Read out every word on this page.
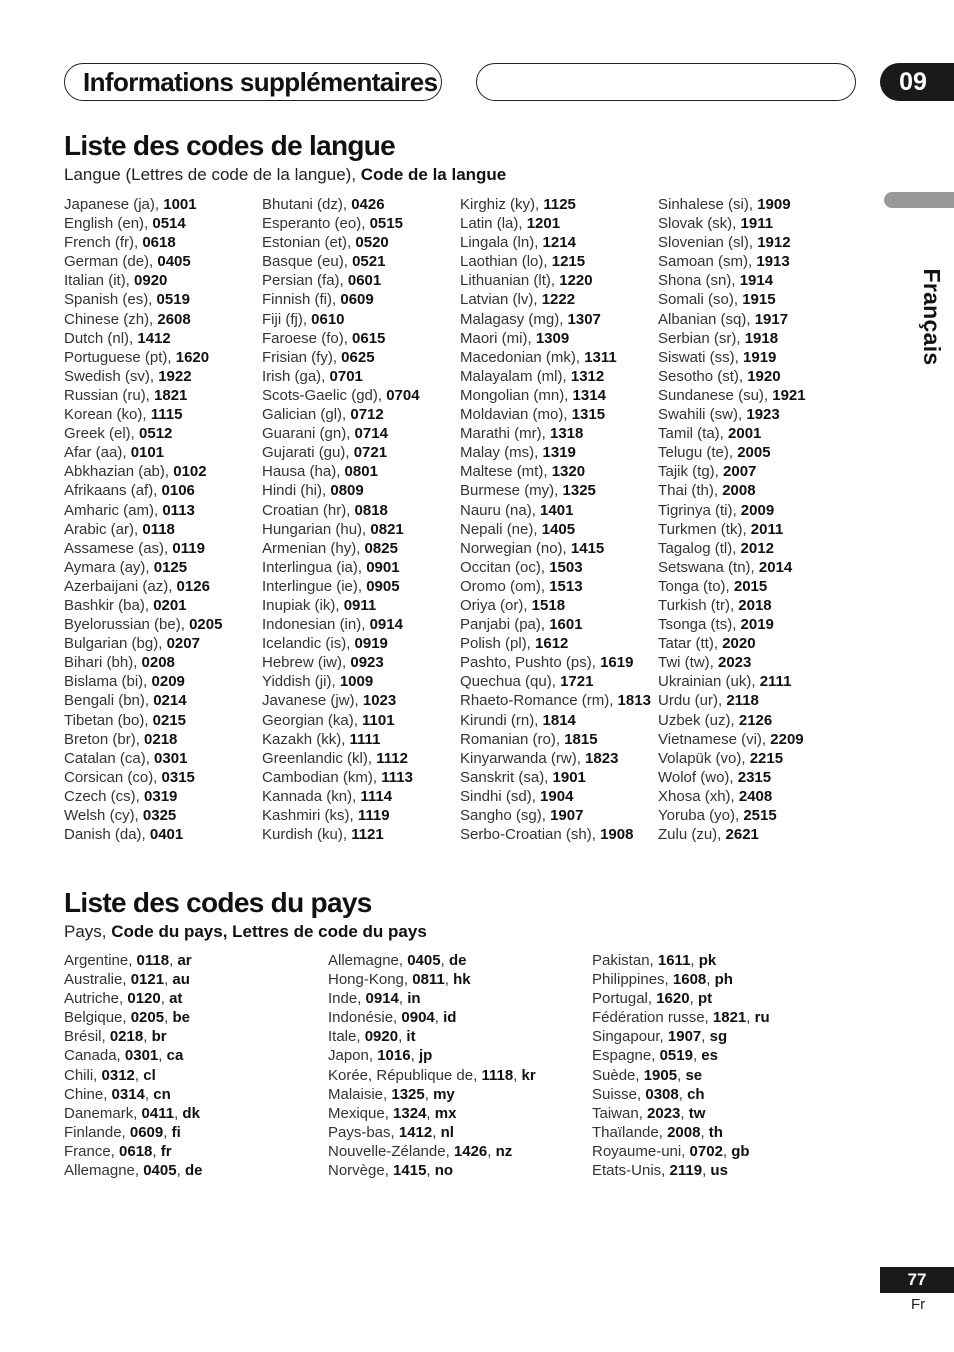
Informations supplémentaires	09
Français
Liste des codes de langue
Langue (Lettres de code de la langue), Code de la langue
Japanese (ja), 1001
English (en), 0514
French (fr), 0618
German (de), 0405
Italian (it), 0920
Spanish (es), 0519
Chinese (zh), 2608
Dutch (nl), 1412
Portuguese (pt), 1620
Swedish (sv), 1922
Russian (ru), 1821
Korean (ko), 1115
Greek (el), 0512
Afar (aa), 0101
Abkhazian (ab), 0102
Afrikaans (af), 0106
Amharic (am), 0113
Arabic (ar), 0118
Assamese (as), 0119
Aymara (ay), 0125
Azerbaijani (az), 0126
Bashkir (ba), 0201
Byelorussian (be), 0205
Bulgarian (bg), 0207
Bihari (bh), 0208
Bislama (bi), 0209
Bengali (bn), 0214
Tibetan (bo), 0215
Breton (br), 0218
Catalan (ca), 0301
Corsican (co), 0315
Czech (cs), 0319
Welsh (cy), 0325
Danish (da), 0401
Bhutani (dz), 0426
Esperanto (eo), 0515
Estonian (et), 0520
Basque (eu), 0521
Persian (fa), 0601
Finnish (fi), 0609
Fiji (fj), 0610
Faroese (fo), 0615
Frisian (fy), 0625
Irish (ga), 0701
Scots-Gaelic (gd), 0704
Galician (gl), 0712
Guarani (gn), 0714
Gujarati (gu), 0721
Hausa (ha), 0801
Hindi (hi), 0809
Croatian (hr), 0818
Hungarian (hu), 0821
Armenian (hy), 0825
Interlingua (ia), 0901
Interlingue (ie), 0905
Inupiak (ik), 0911
Indonesian (in), 0914
Icelandic (is), 0919
Hebrew (iw), 0923
Yiddish (ji), 1009
Javanese (jw), 1023
Georgian (ka), 1101
Kazakh (kk), 1111
Greenlandic (kl), 1112
Cambodian (km), 1113
Kannada (kn), 1114
Kashmiri (ks), 1119
Kurdish (ku), 1121
Kirghiz (ky), 1125
Latin (la), 1201
Lingala (ln), 1214
Laothian (lo), 1215
Lithuanian (lt), 1220
Latvian (lv), 1222
Malagasy (mg), 1307
Maori (mi), 1309
Macedonian (mk), 1311
Malayalam (ml), 1312
Mongolian (mn), 1314
Moldavian (mo), 1315
Marathi (mr), 1318
Malay (ms), 1319
Maltese (mt), 1320
Burmese (my), 1325
Nauru (na), 1401
Nepali (ne), 1405
Norwegian (no), 1415
Occitan (oc), 1503
Oromo (om), 1513
Oriya (or), 1518
Panjabi (pa), 1601
Polish (pl), 1612
Pashto, Pushto (ps), 1619
Quechua (qu), 1721
Rhaeto-Romance (rm), 1813
Kirundi (rn), 1814
Romanian (ro), 1815
Kinyarwanda (rw), 1823
Sanskrit (sa), 1901
Sindhi (sd), 1904
Sangho (sg), 1907
Serbo-Croatian (sh), 1908
Sinhalese (si), 1909
Slovak (sk), 1911
Slovenian (sl), 1912
Samoan (sm), 1913
Shona (sn), 1914
Somali (so), 1915
Albanian (sq), 1917
Serbian (sr), 1918
Siswati (ss), 1919
Sesotho (st), 1920
Sundanese (su), 1921
Swahili (sw), 1923
Tamil (ta), 2001
Telugu (te), 2005
Tajik (tg), 2007
Thai (th), 2008
Tigrinya (ti), 2009
Turkmen (tk), 2011
Tagalog (tl), 2012
Setswana (tn), 2014
Tonga (to), 2015
Turkish (tr), 2018
Tsonga (ts), 2019
Tatar (tt), 2020
Twi (tw), 2023
Ukrainian (uk), 2111
Urdu (ur), 2118
Uzbek (uz), 2126
Vietnamese (vi), 2209
Volapük (vo), 2215
Wolof (wo), 2315
Xhosa (xh), 2408
Yoruba (yo), 2515
Zulu (zu), 2621
Liste des codes du pays
Pays, Code du pays, Lettres de code du pays
Argentine, 0118, ar
Australie, 0121, au
Autriche, 0120, at
Belgique, 0205, be
Brésil, 0218, br
Canada, 0301, ca
Chili, 0312, cl
Chine, 0314, cn
Danemark, 0411, dk
Finlande, 0609, fi
France, 0618, fr
Allemagne, 0405, de
Allemagne, 0405, de
Hong-Kong, 0811, hk
Inde, 0914, in
Indonésie, 0904, id
Itale, 0920, it
Japon, 1016, jp
Korée, République de, 1118, kr
Malaisie, 1325, my
Mexique, 1324, mx
Pays-bas, 1412, nl
Nouvelle-Zélande, 1426, nz
Norvège, 1415, no
Pakistan, 1611, pk
Philippines, 1608, ph
Portugal, 1620, pt
Fédération russe, 1821, ru
Singapour, 1907, sg
Espagne, 0519, es
Suède, 1905, se
Suisse, 0308, ch
Taiwan, 2023, tw
Thaïlande, 2008, th
Royaume-uni, 0702, gb
Etats-Unis, 2119, us
77
Fr
